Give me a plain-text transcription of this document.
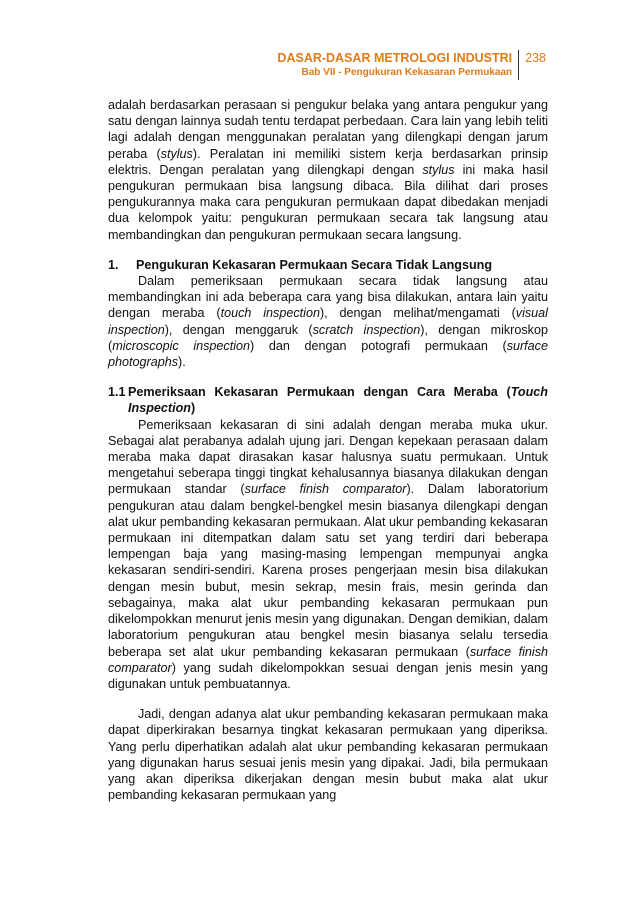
DASAR-DASAR METROLOGI INDUSTRI
Bab VII - Pengukuran Kekasaran Permukaan
238

adalah berdasarkan perasaan si pengukur belaka yang antara pengukur yang satu dengan lainnya sudah tentu terdapat perbedaan. Cara lain yang lebih teliti lagi adalah dengan menggunakan peralatan yang dilengkapi dengan jarum peraba (stylus). Peralatan ini memiliki sistem kerja berdasarkan prinsip elektris. Dengan peralatan yang dilengkapi dengan stylus ini maka hasil pengukuran permukaan bisa langsung dibaca. Bila dilihat dari proses pengukurannya maka cara pengukuran permukaan dapat dibedakan menjadi dua kelompok yaitu: pengukuran permukaan secara tak langsung atau membandingkan dan pengukuran permukaan secara langsung.

1.	Pengukuran Kekasaran Permukaan Secara Tidak Langsung

Dalam pemeriksaan permukaan secara tidak langsung atau membandingkan ini ada beberapa cara yang bisa dilakukan, antara lain yaitu dengan meraba (touch inspection), dengan melihat/mengamati (visual inspection), dengan menggaruk (scratch inspection), dengan mikroskop (microscopic inspection) dan dengan potografi permukaan (surface photographs).

1.1 Pemeriksaan Kekasaran Permukaan dengan Cara Meraba (Touch Inspection)

Pemeriksaan kekasaran di sini adalah dengan meraba muka ukur. Sebagai alat perabanya adalah ujung jari. Dengan kepekaan perasaan dalam meraba maka dapat dirasakan kasar halusnya suatu permukaan. Untuk mengetahui seberapa tinggi tingkat kehalusannya biasanya dilakukan dengan permukaan standar (surface finish comparator). Dalam laboratorium pengukuran atau dalam bengkel-bengkel mesin biasanya dilengkapi dengan alat ukur pembanding kekasaran permukaan. Alat ukur pembanding kekasaran permukaan ini ditempatkan dalam satu set yang terdiri dari beberapa lempengan baja yang masing-masing lempengan mempunyai angka kekasaran sendiri-sendiri. Karena proses pengerjaan mesin bisa dilakukan dengan mesin bubut, mesin sekrap, mesin frais, mesin gerinda dan sebagainya, maka alat ukur pembanding kekasaran permukaan pun dikelompokkan menurut jenis mesin yang digunakan. Dengan demikian, dalam laboratorium pengukuran atau bengkel mesin biasanya selalu tersedia beberapa set alat ukur pembanding kekasaran permukaan (surface finish comparator) yang sudah dikelompokkan sesuai dengan jenis mesin yang digunakan untuk pembuatannya.

Jadi, dengan adanya alat ukur pembanding kekasaran permukaan maka dapat diperkirakan besarnya tingkat kekasaran permukaan yang diperiksa. Yang perlu diperhatikan adalah alat ukur pembanding kekasaran permukaan yang digunakan harus sesuai jenis mesin yang dipakai. Jadi, bila permukaan yang akan diperiksa dikerjakan dengan mesin bubut maka alat ukur pembanding kekasaran permukaan yang
